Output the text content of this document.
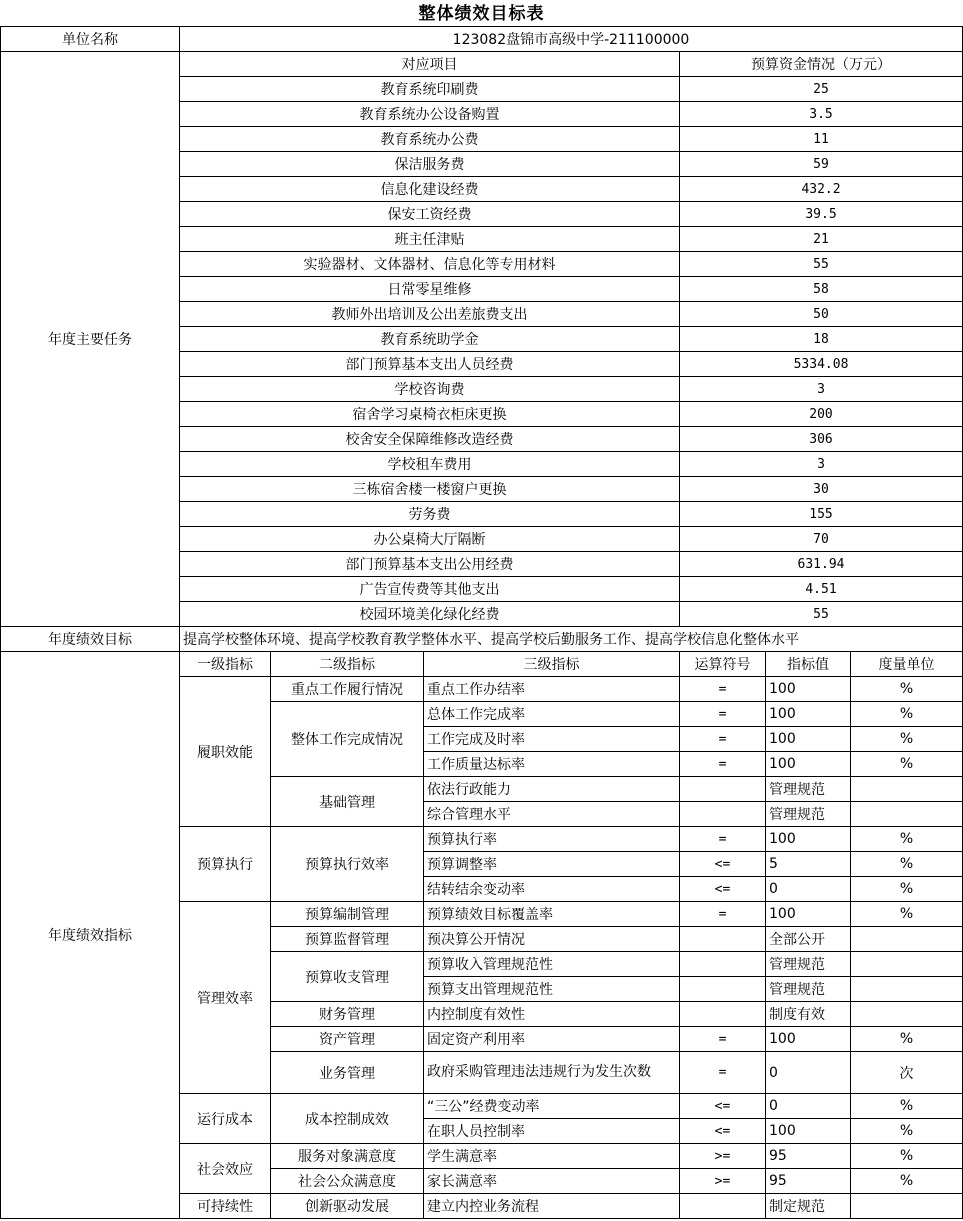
整体绩效目标表
单位名称	123082盘锦市高级中学-211100000						
年度主要任务	对应项目			预算资金情况（万元）			
	教育系统印刷费			25			
	教育系统办公设备购置			3.5			
	教育系统办公费			11			
	保洁服务费			59			
	信息化建设经费			432.2			
	保安工资经费			39.5			
	班主任津贴			21			
	实验器材、文体器材、信息化等专用材料			55			
	日常零星维修			58			
	教师外出培训及公出差旅费支出			50			
	教育系统助学金			18			
	部门预算基本支出人员经费			5334.08			
	学校咨询费			3			
	宿舍学习桌椅衣柜床更换			200			
	校舍安全保障维修改造经费			306			
	学校租车费用			3			
	三栋宿舍楼一楼窗户更换			30			
	劳务费			155			
	办公桌椅大厅隔断			70			
	部门预算基本支出公用经费			631.94			
	广告宣传费等其他支出			4.51			
	校园环境美化绿化经费			55			
年度绩效目标	提高学校整体环境、提高学校教育教学整体水平、提高学校后勤服务工作、提高学校信息化整体水平						
年度绩效指标	一级指标	二级指标	三级指标	运算符号	指标值	度量单位	
	履职效能	重点工作履行情况	重点工作办结率	=	100	%	
		整体工作完成情况	总体工作完成率	=	100	%	
			工作完成及时率	=	100	%	
			工作质量达标率	=	100	%	
		基础管理	依法行政能力		管理规范		
			综合管理水平		管理规范		
	预算执行	预算执行效率	预算执行率	=	100	%	
			预算调整率	<=	5	%	
			结转结余变动率	<=	0	%	
	管理效率	预算编制管理	预算绩效目标覆盖率	=	100	%	
		预算监督管理	预决算公开情况		全部公开		
		预算收支管理	预算收入管理规范性		管理规范		
			预算支出管理规范性		管理规范		
		财务管理	内控制度有效性		制度有效		
		资产管理	固定资产利用率	=	100	%	
		业务管理	政府采购管理违法违规行为发生次数	=	0	次	
	运行成本	成本控制成效	“三公”经费变动率	<=	0	%	
			在职人员控制率	<=	100	%	
	社会效应	服务对象满意度	学生满意率	>=	95	%	
		社会公众满意度	家长满意率	>=	95	%	
	可持续性	创新驱动发展	建立内控业务流程		制定规范		
